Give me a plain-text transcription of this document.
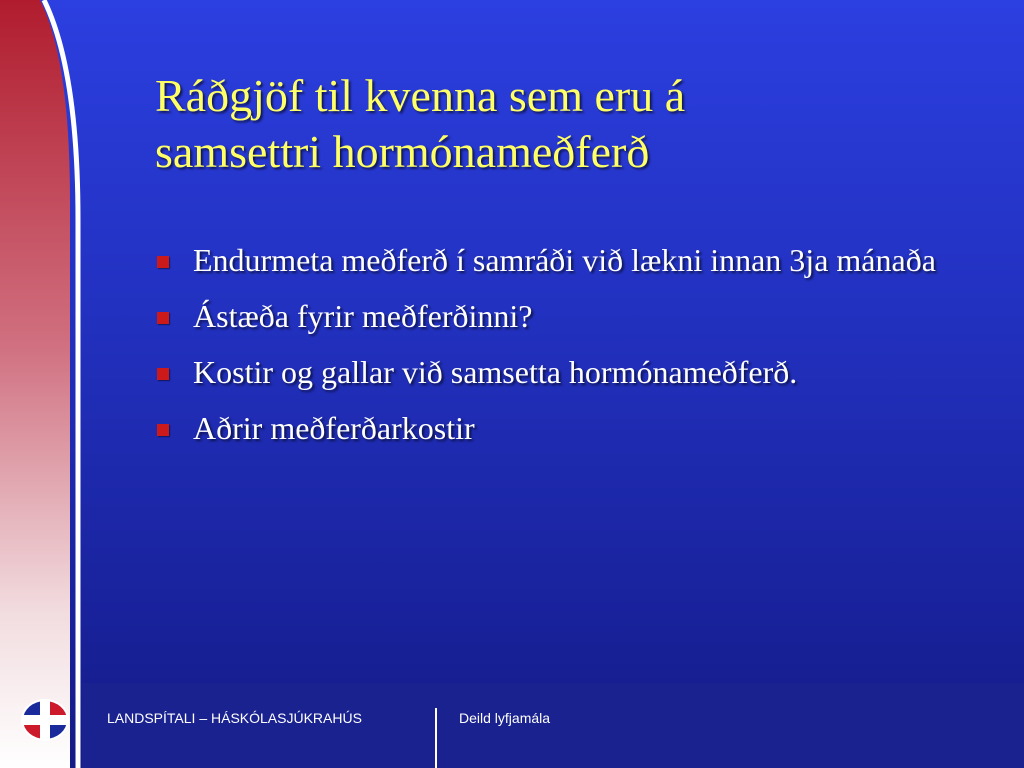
Ráðgjöf til kvenna sem eru á
samsettri hormónameðferð
Endurmeta meðferð í samráði við lækni innan 3ja mánaða
Ástæða fyrir meðferðinni?
Kostir og gallar við samsetta hormónameðferð.
Aðrir meðferðarkostir
LANDSPÍTALI – HÁSKÓLASJÚKRAHÚS	Deild lyfjamála
